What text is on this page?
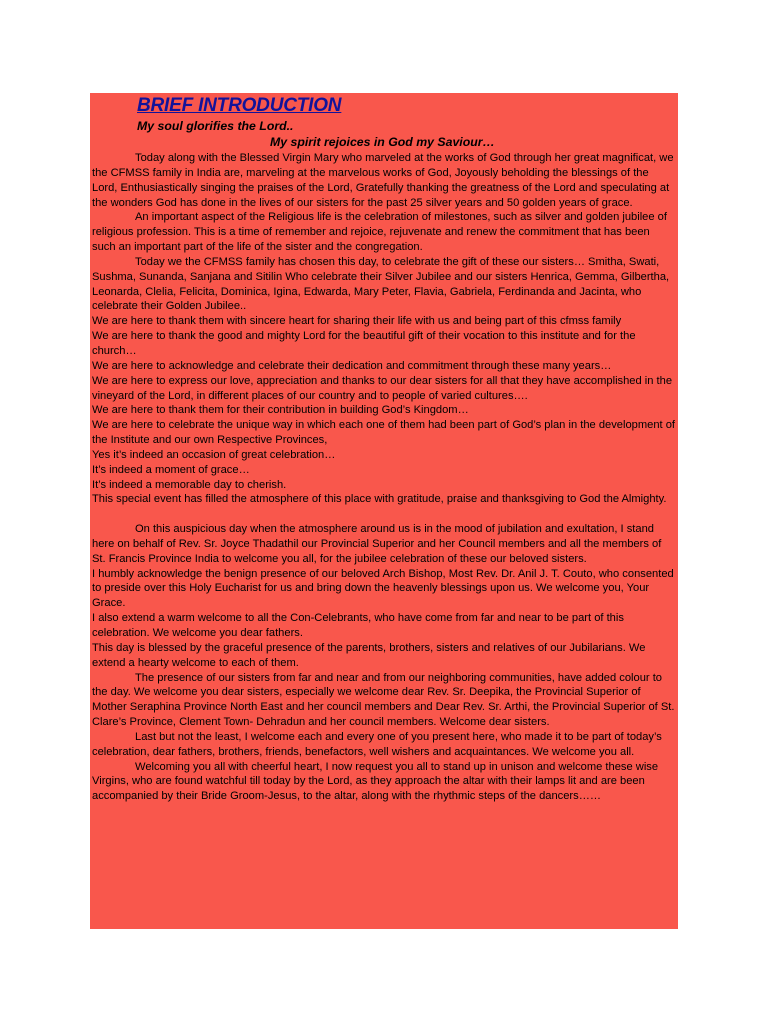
BRIEF INTRODUCTION
My soul glorifies the Lord..
My spirit rejoices in God my Saviour…

Today along with the Blessed Virgin Mary who marveled at the works of God through her great magnificat, we the CFMSS family in India are, marveling at the marvelous works of God, Joyously beholding the blessings of the Lord, Enthusiastically singing the praises of the Lord, Gratefully thanking the greatness of the Lord and speculating at the wonders God has done in the lives of our sisters for the past 25 silver years and 50 golden years of grace.

An important aspect of the Religious life is the celebration of milestones, such as silver and golden jubilee of religious profession. This is a time of remember and rejoice, rejuvenate and renew the commitment that has been such an important part of the life of the sister and the congregation.

Today we the CFMSS family has chosen this day, to celebrate the gift of these our sisters… Smitha, Swati, Sushma, Sunanda, Sanjana and Sitilin Who celebrate their Silver Jubilee and our sisters Henrica, Gemma, Gilbertha, Leonarda, Clelia, Felicita, Dominica, Igina, Edwarda, Mary Peter, Flavia, Gabriela, Ferdinanda and Jacinta, who celebrate their Golden Jubilee..

We are here to thank them with sincere heart for sharing their life with us and being part of this cfmss family

We are here to thank the good and mighty Lord for the beautiful gift of their vocation to this institute and for the church…

We are here to acknowledge and celebrate their dedication and commitment through these many years…

We are here to express our love, appreciation and thanks to our dear sisters for all that they have accomplished in the vineyard of the Lord, in different places of our country and to people of varied cultures….

We are here to thank them for their contribution in building God’s Kingdom…

We are here to celebrate the unique way in which each one of them had been part of God’s plan in the development of the Institute and our own Respective Provinces,

Yes it’s indeed an occasion of great celebration…

It’s indeed a moment of grace…

It’s indeed a memorable day to cherish.

This special event has filled the atmosphere of this place with gratitude, praise and thanksgiving to God the Almighty.

On this auspicious day when the atmosphere around us is in the mood of jubilation and exultation, I stand here on behalf of Rev. Sr. Joyce Thadathil our Provincial Superior and her Council members and all the members of St. Francis Province India to welcome you all, for the jubilee celebration of these our beloved sisters.

I humbly acknowledge the benign presence of our beloved Arch Bishop, Most Rev. Dr. Anil J. T. Couto, who consented to preside over this Holy Eucharist for us and bring down the heavenly blessings upon us. We welcome you, Your Grace.

I also extend a warm welcome to all the Con-Celebrants, who have come from far and near to be part of this celebration. We welcome you dear fathers.

This day is blessed by the graceful presence of the parents, brothers, sisters and relatives of our Jubilarians. We extend a hearty welcome to each of them.

The presence of our sisters from far and near and from our neighboring communities, have added colour to the day. We welcome you dear sisters, especially we welcome dear Rev. Sr. Deepika, the Provincial Superior of Mother Seraphina Province North East and her council members and Dear Rev. Sr. Arthi, the Provincial Superior of St. Clare’s Province, Clement Town- Dehradun and her council members. Welcome dear sisters.

Last but not the least, I welcome each and every one of you present here, who made it to be part of today’s celebration, dear fathers, brothers, friends, benefactors, well wishers and acquaintances. We welcome you all.

Welcoming you all with cheerful heart, I now request you all to stand up in unison and welcome these wise Virgins, who are found watchful till today by the Lord, as they approach the altar with their lamps lit and are been accompanied by their Bride Groom-Jesus, to the altar, along with the rhythmic steps of the dancers……
